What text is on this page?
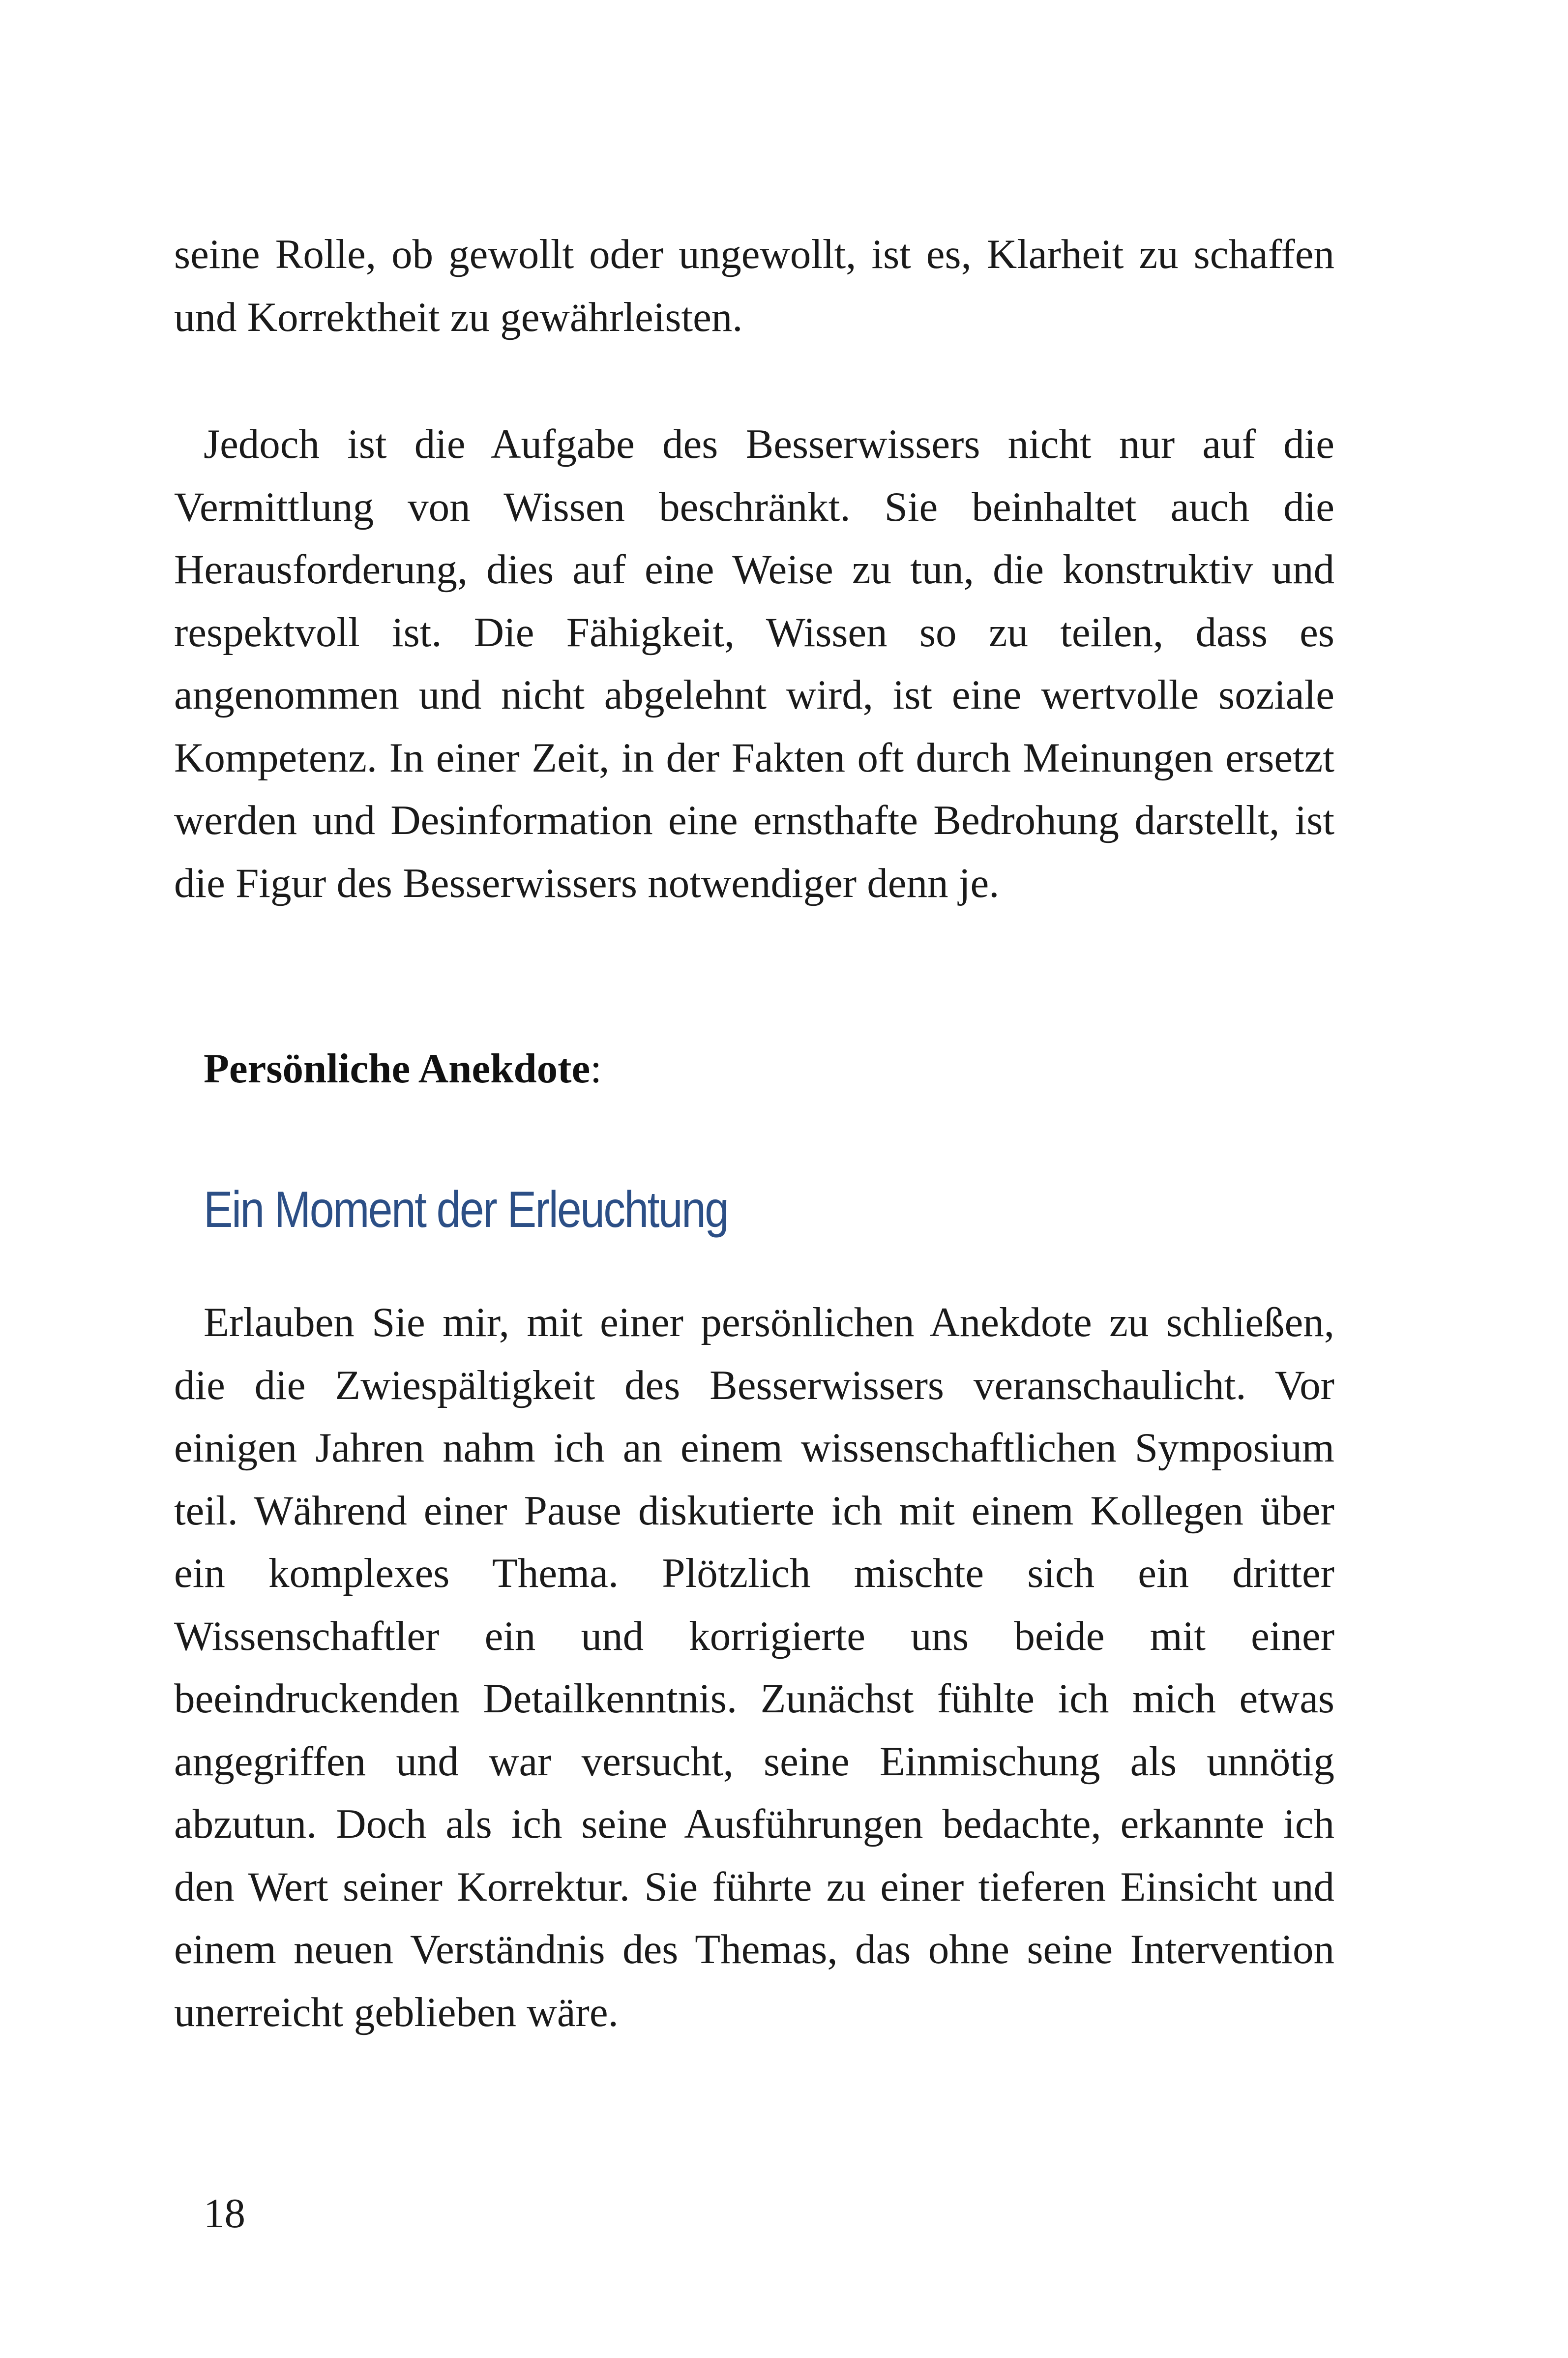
seine Rolle, ob gewollt oder ungewollt, ist es, Klarheit zu schaffen und Korrektheit zu gewährleisten.

Jedoch ist die Aufgabe des Besserwissers nicht nur auf die Vermittlung von Wissen beschränkt. Sie beinhaltet auch die Herausforderung, dies auf eine Weise zu tun, die konstruktiv und respektvoll ist. Die Fähigkeit, Wissen so zu teilen, dass es angenommen und nicht abgelehnt wird, ist eine wertvolle soziale Kompetenz. In einer Zeit, in der Fakten oft durch Meinungen ersetzt werden und Desinformation eine ernsthafte Bedrohung darstellt, ist die Figur des Besserwissers notwendiger denn je.

Persönliche Anekdote:

Ein Moment der Erleuchtung

Erlauben Sie mir, mit einer persönlichen Anekdote zu schließen, die die Zwiespältigkeit des Besserwissers veranschaulicht. Vor einigen Jahren nahm ich an einem wissenschaftlichen Symposium teil. Während einer Pause diskutierte ich mit einem Kollegen über ein komplexes Thema. Plötzlich mischte sich ein dritter Wissenschaftler ein und korrigierte uns beide mit einer beeindruckenden Detailkenntnis. Zunächst fühlte ich mich etwas angegriffen und war versucht, seine Einmischung als unnötig abzutun. Doch als ich seine Ausführungen bedachte, erkannte ich den Wert seiner Korrektur. Sie führte zu einer tieferen Einsicht und einem neuen Verständnis des Themas, das ohne seine Intervention unerreicht geblieben wäre.

18
